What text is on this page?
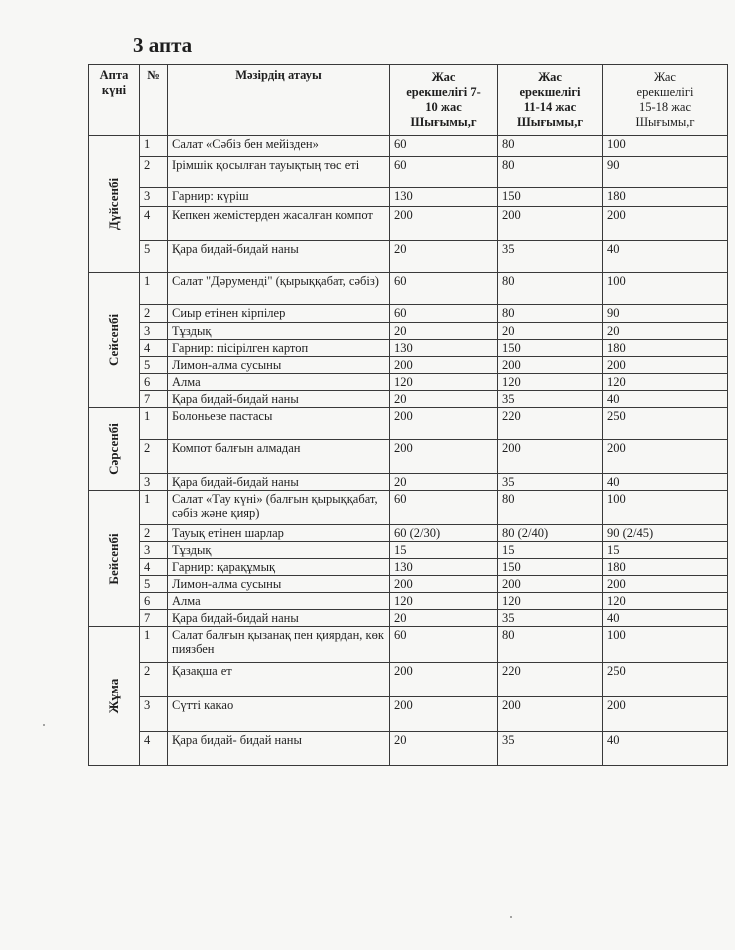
3 апта
Апта күні	№	Мәзірдің атауы	Жас
ерекшелігі 7-
10 жас
Шығымы,г	Жас
ерекшелігі
11-14 жас
Шығымы,г	Жас
ерекшелігі
15-18 жас
Шығымы,г

Дүйсенбі	1	Салат «Сәбіз бен мейізден»	60	80	100
	2	Ірімшік қосылған тауықтың төс еті	60	80	90
	3	Гарнир: күріш	130	150	180
	4	Кепкен жемістерден жасалған компот	200	200	200
	5	Қара бидай-бидай наны	20	35	40

Сейсенбі	1	Салат "Дәрумендi" (қырыққабат, сәбіз)	60	80	100
	2	Сиыр етінен кірпілер	60	80	90
	3	Тұздық	20	20	20
	4	Гарнир: пісірілген картоп	130	150	180
	5	Лимон-алма сусыны	200	200	200
	6	Алма	120	120	120
	7	Қара бидай-бидай наны	20	35	40

Сәрсенбі	1	Болоньезе пастасы	200	220	250
	2	Компот балғын алмадан	200	200	200
	3	Қара бидай-бидай наны	20	35	40

Бейсенбі	1	Салат «Тау күні» (балғын қырыққабат, сәбіз және қияр)	60	80	100
	2	Тауық етінен шарлар	60 (2/30)	80 (2/40)	90 (2/45)
	3	Тұздық	15	15	15
	4	Гарнир: қарақұмық	130	150	180
	5	Лимон-алма сусыны	200	200	200
	6	Алма	120	120	120
	7	Қара бидай-бидай наны	20	35	40

Жұма	1	Салат балғын қызанақ пен қиярдан, көк пиязбен	60	80	100
	2	Қазақша ет	200	220	250
	3	Сүтті какао	200	200	200
	4	Қара бидай- бидай наны	20	35	40
